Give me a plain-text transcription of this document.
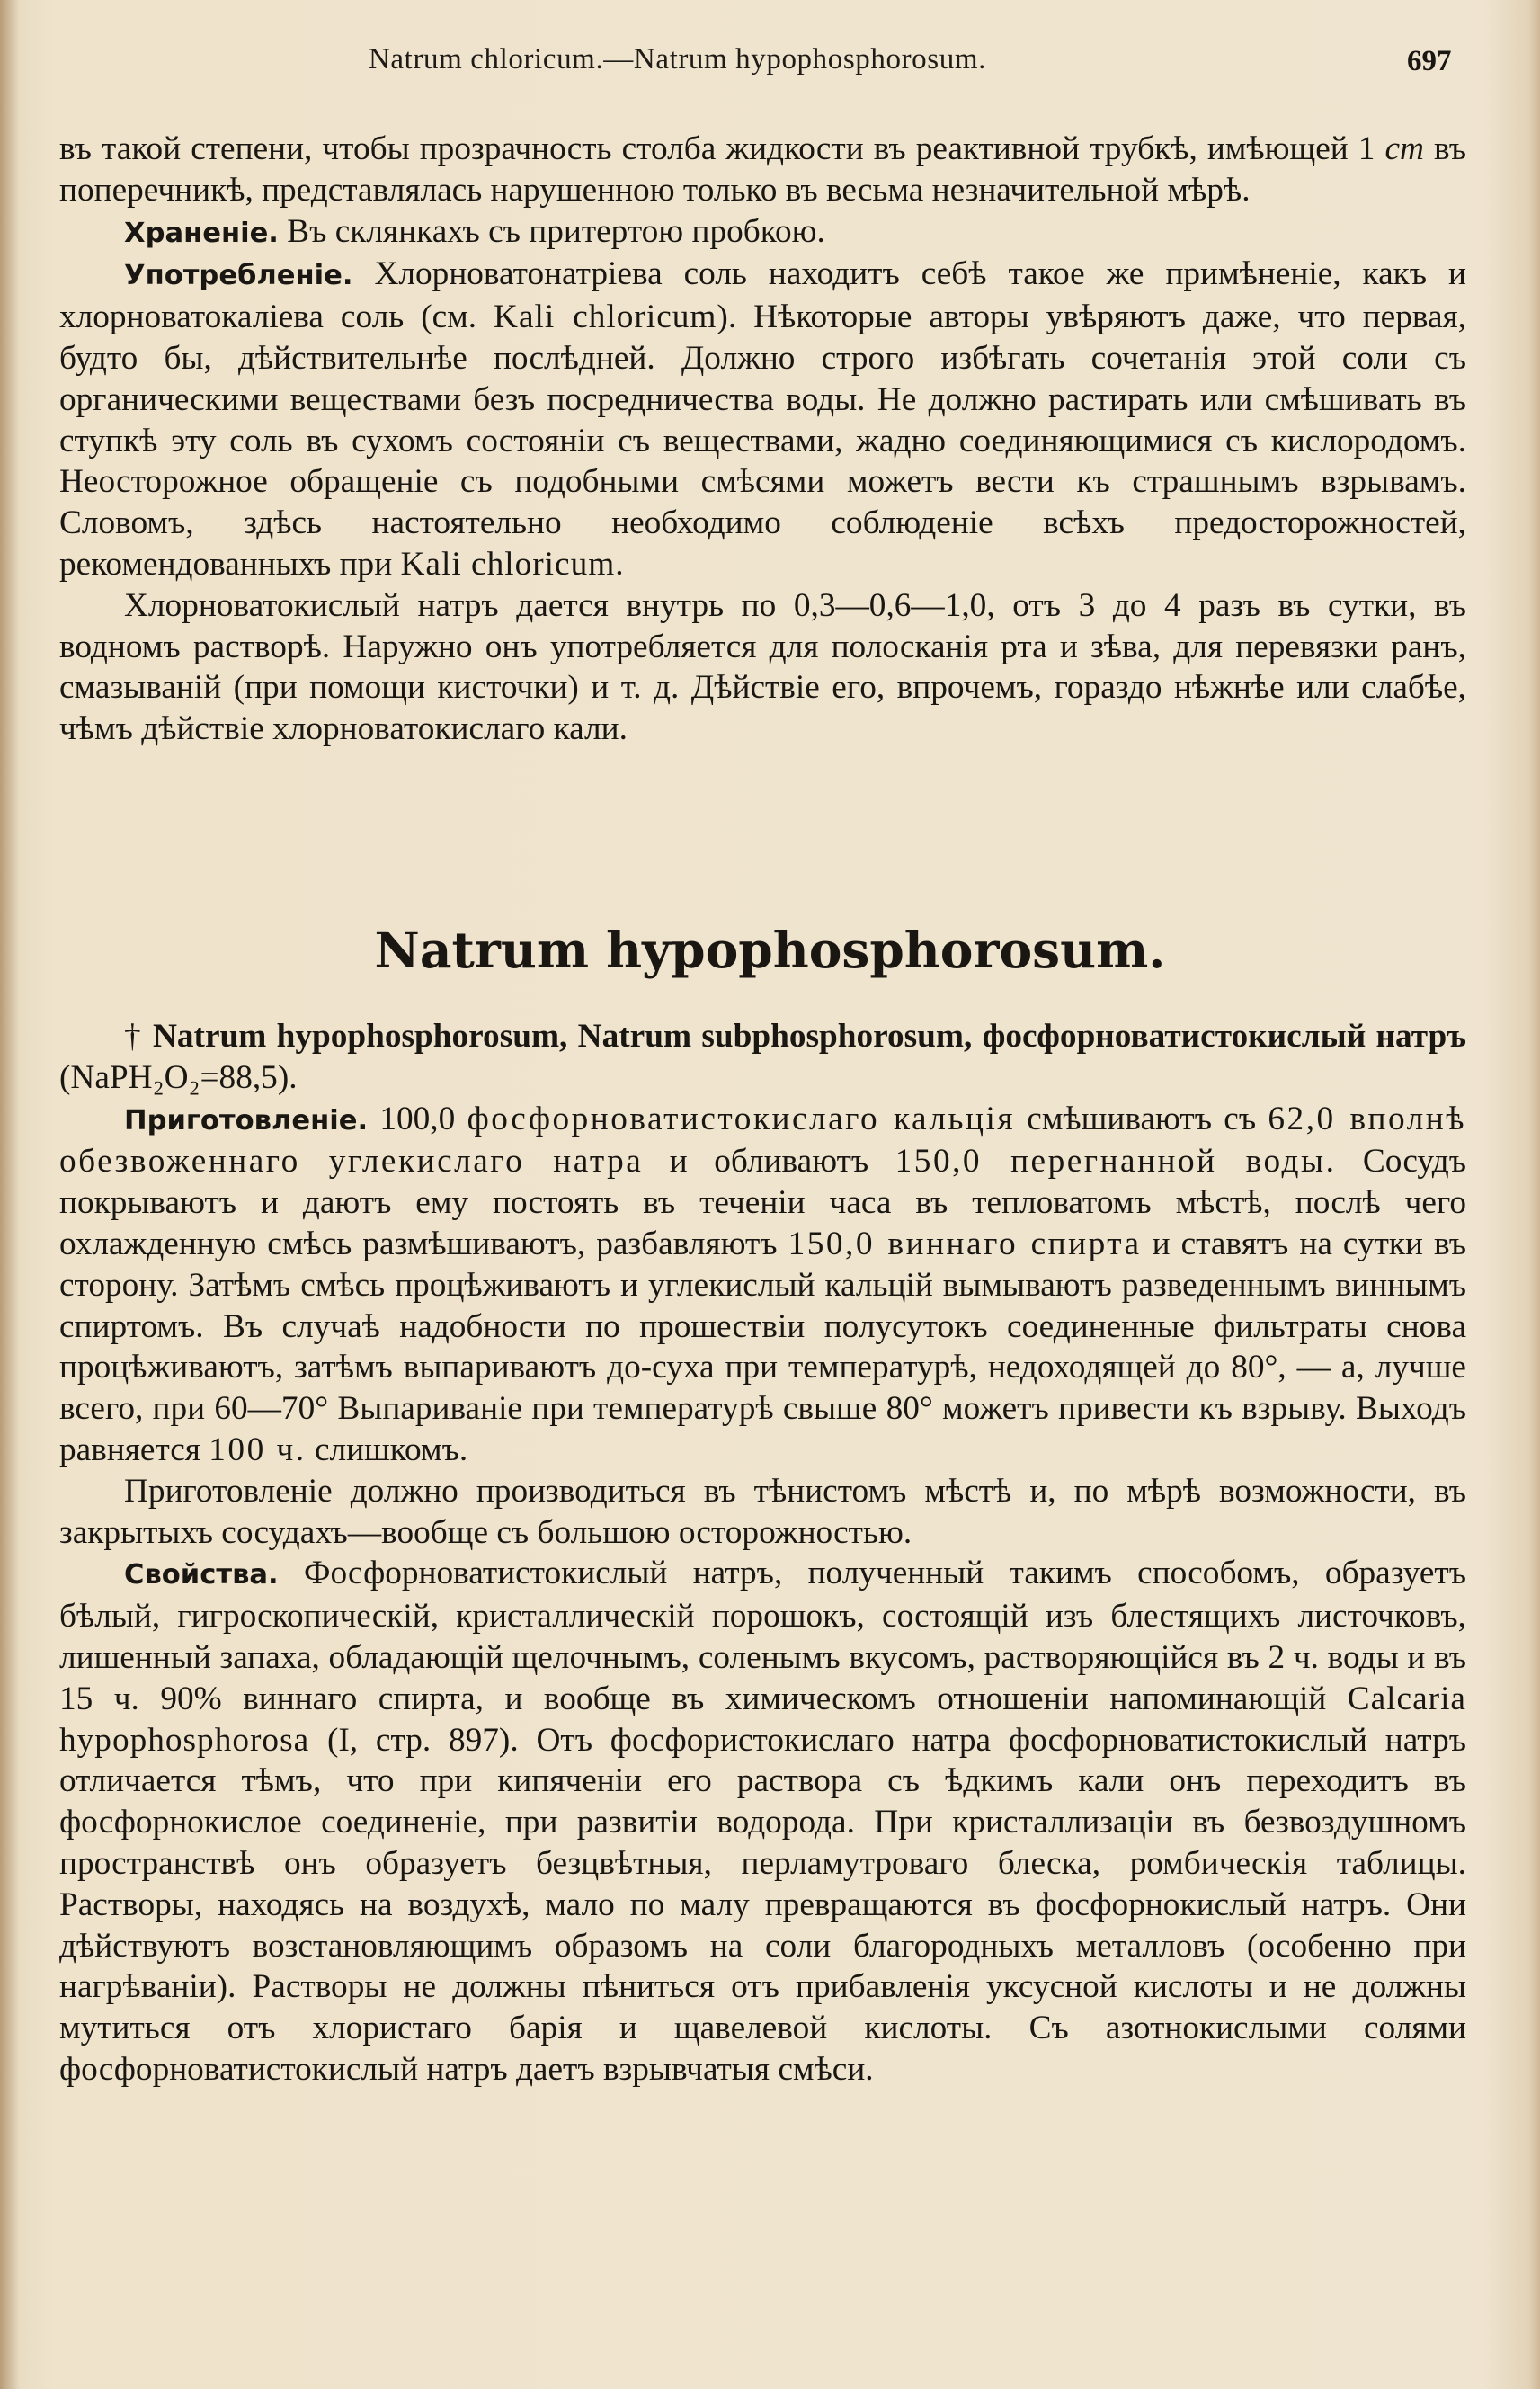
Natrum chloricum.—Natrum hypophosphorosum.	697

въ такой степени, чтобы прозрачность столба жидкости въ реактивной трубкѣ, имѣющей 1 cm въ поперечникѣ, представлялась нарушенною только въ весьма незначительной мѣрѣ.

Храненіе. Въ склянкахъ съ притертою пробкою.

Употребленіе. Хлорноватонатріева соль находитъ себѣ такое же примѣненіе, какъ и хлорноватокаліева соль (см. Kali chloricum). Нѣкоторые авторы увѣряютъ даже, что первая, будто бы, дѣйствительнѣе послѣдней. Должно строго избѣгать сочетанія этой соли съ органическими веществами безъ посредничества воды. Не должно растирать или смѣшивать въ ступкѣ эту соль въ сухомъ состояніи съ веществами, жадно соединяющимися съ кислородомъ. Неосторожное обращеніе съ подобными смѣсями можетъ вести къ страшнымъ взрывамъ. Словомъ, здѣсь настоятельно необходимо соблюденіе всѣхъ предосторожностей, рекомендованныхъ при Kali chloricum.

Хлорноватокислый натръ дается внутрь по 0,3—0,6—1,0, отъ 3 до 4 разъ въ сутки, въ водномъ растворѣ. Наружно онъ употребляется для полосканія рта и зѣва, для перевязки ранъ, смазываній (при помощи кисточки) и т. д. Дѣйствіе его, впрочемъ, гораздо нѣжнѣе или слабѣе, чѣмъ дѣйствіе хлорноватокислаго кали.

Natrum hypophosphorosum.

† Natrum hypophosphorosum, Natrum subphosphorosum, фосфорноватистокислый натръ (NaPH₂O₂=88,5).

Приготовленіе. 100,0 фосфорноватистокислаго кальція смѣшиваютъ съ 62,0 вполнѣ обезвоженнаго углекислаго натра и обливаютъ 150,0 перегнанной воды. Сосудъ покрываютъ и даютъ ему постоять въ теченіи часа въ тепловатомъ мѣстѣ, послѣ чего охлажденную смѣсь размѣшиваютъ, разбавляютъ 150,0 виннаго спирта и ставятъ на сутки въ сторону. Затѣмъ смѣсь процѣживаютъ и углекислый кальцій вымываютъ разведеннымъ виннымъ спиртомъ. Въ случаѣ надобности по прошествіи полусутокъ соединенные фильтраты снова процѣживаютъ, затѣмъ выпариваютъ до-суха при температурѣ, недоходящей до 80°, — а, лучше всего, при 60—70° Выпариваніе при температурѣ свыше 80° можетъ привести къ взрыву. Выходъ равняется 100 ч. слишкомъ.

Приготовленіе должно производиться въ тѣнистомъ мѣстѣ и, по мѣрѣ возможности, въ закрытыхъ сосудахъ—вообще съ большою осторожностью.

Свойства. Фосфорноватистокислый натръ, полученный такимъ способомъ, образуетъ бѣлый, гигроскопическій, кристаллическій порошокъ, состоящій изъ блестящихъ листочковъ, лишенный запаха, обладающій щелочнымъ, соленымъ вкусомъ, растворяющійся въ 2 ч. воды и въ 15 ч. 90% виннаго спирта, и вообще въ химическомъ отношеніи напоминающій Calcaria hypophosphorosa (I, стр. 897). Отъ фосфористокислаго натра фосфорноватистокислый натръ отличается тѣмъ, что при кипяченіи его раствора съ ѣдкимъ кали онъ переходитъ въ фосфорнокислое соединеніе, при развитіи водорода. При кристаллизаціи въ безвоздушномъ пространствѣ онъ образуетъ безцвѣтныя, перламутроваго блеска, ромбическія таблицы. Растворы, находясь на воздухѣ, мало по малу превращаются въ фосфорнокислый натръ. Они дѣйствуютъ возстановляющимъ образомъ на соли благородныхъ металловъ (особенно при нагрѣваніи). Растворы не должны пѣниться отъ прибавленія уксусной кислоты и не должны мутиться отъ хлористаго барія и щавелевой кислоты. Съ азотнокислыми солями фосфорноватистокислый натръ даетъ взрывчатыя смѣси.
